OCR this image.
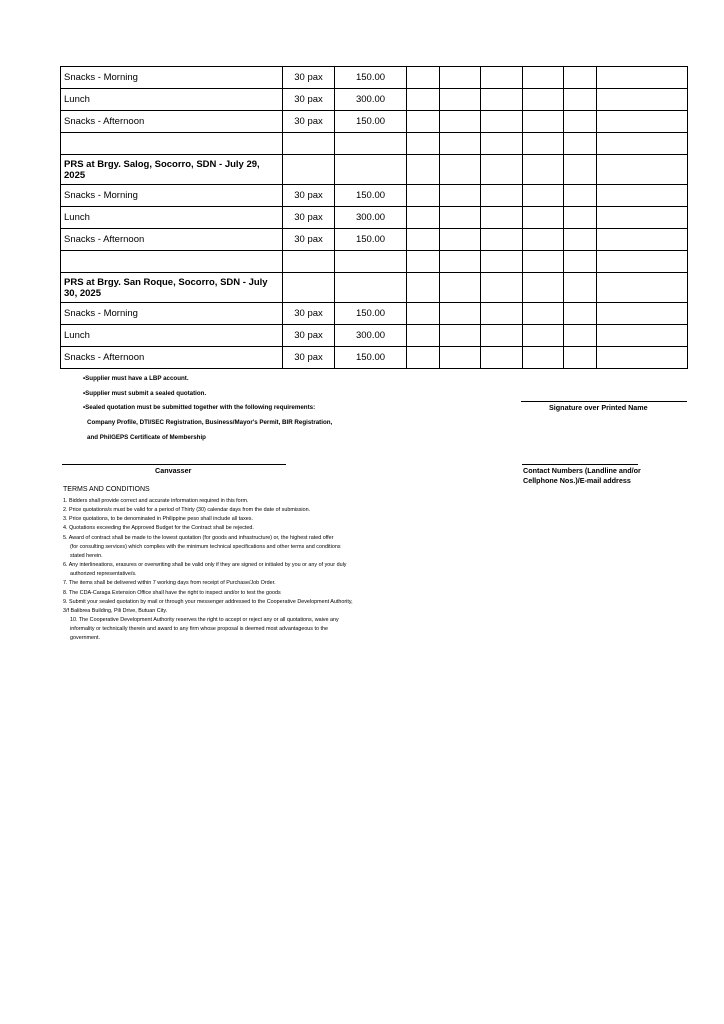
Snacks - Morning	30 pax	150.00						
Lunch	30 pax	300.00						
Snacks - Afternoon	30 pax	150.00						

PRS at Brgy. Salog, Socorro, SDN - July 29, 2025								
Snacks - Morning	30 pax	150.00						
Lunch	30 pax	300.00						
Snacks - Afternoon	30 pax	150.00						

PRS at Brgy. San Roque, Socorro, SDN - July 30, 2025								
Snacks - Morning	30 pax	150.00						
Lunch	30 pax	300.00						
Snacks - Afternoon	30 pax	150.00						
•Supplier must have a LBP account.
•Supplier must submit a sealed quotation.
•Sealed quotation must be submitted together with the following requirements:
Company Profile, DTI/SEC Registration, Business/Mayor's Permit, BIR Registration,
and PhilGEPS Certificate of Membership
Signature over Printed Name
Canvasser	Contact Numbers (Landline and/or
Cellphone Nos.)/E-mail address
TERMS AND CONDITIONS
1. Bidders shall provide correct and accurate information required in this form.
2. Price quotations/s must be valid for a period of Thirty (30) calendar days from the date of submission.
3. Price quotations, to be denominated in Philippine peso shall include all taxes.
4. Quotations exceeding the Approved Budget for the Contract shall be rejected.
5. Award of contract shall be made to the lowest quotation (for goods and infrastructure) or, the highest rated offer
(for consulting services) which complies with the minimum technical specifications and other terms and conditions
stated herein.
6. Any interlineations, erasures or overwriting shall be valid only if they are signed or initialed by you or any of your duly
authorized representative/s.
7. The items shall be delivered within 7 working days from receipt of Purchase/Job Order.
8. The CDA-Caraga Extension Office shall have the right to inspect and/or to test the goods
9. Submit your sealed quotation by mail or through your messenger addressed to the Cooperative Development Authority,
3/f Balibrea Building, Pili Drive, Butuan City.
10. The Cooperative Development Authority reserves the right to accept or reject any or all quotations, waive any
informality or technically therein and award to any firm whose proposal is deemed most advantageous to the
government.
